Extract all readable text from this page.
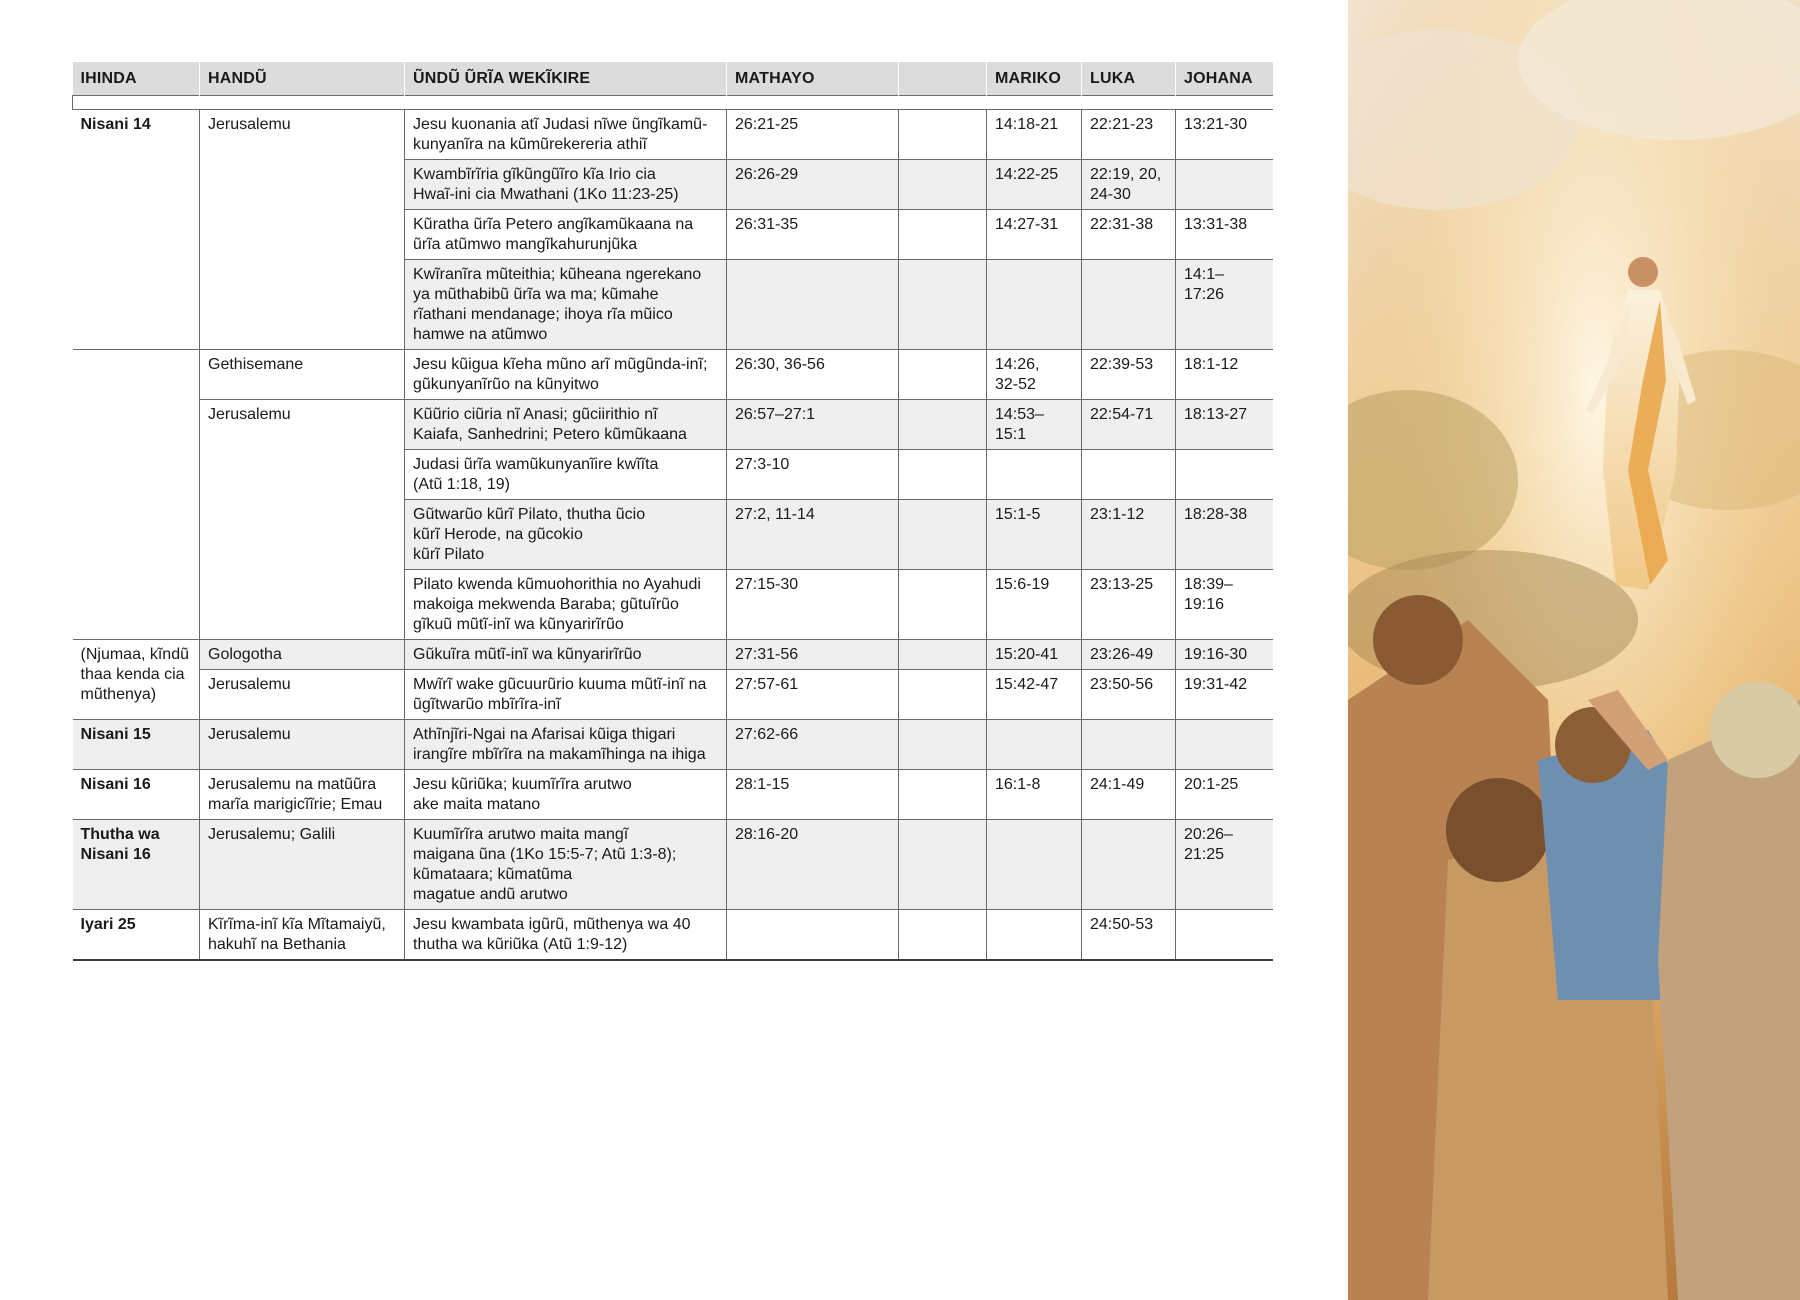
IHINDA	HANDŨ	ŨNDŨ ŨRĨA WEKĨKIRE	MATHAYO		MARIKO	LUKA	JOHANA

Nisani 14	Jerusalemu	Jesu kuonania atĩ Judasi nĩwe ũngĩkamũ-
kunyanĩra na kũmũrekereria athiĩ	26:21-25		14:18-21	22:21-23	13:21-30
		Kwambĩrĩria gĩkũngũĩro kĩa Irio cia
Hwaĩ-ini cia Mwathani (1Ko 11:23-25)	26:26-29		14:22-25	22:19, 20,
24-30	
		Kũratha ũrĩa Petero angĩkamũkaana na
ũrĩa atũmwo mangĩkahurunjũka	26:31-35		14:27-31	22:31-38	13:31-38
		Kwĩranĩra mũteithia; kũheana ngerekano
ya mũthabibũ ũrĩa wa ma; kũmahe
rĩathani mendanage; ihoya rĩa mũico
hamwe na atũmwo					14:1–
17:26
	Gethisemane	Jesu kũigua kĩeha mũno arĩ mũgũnda-inĩ;
gũkunyanĩrũo na kũnyitwo	26:30, 36-56		14:26,
32-52	22:39-53	18:1-12
	Jerusalemu	Kũũrio ciũria nĩ Anasi; gũciirithio nĩ
Kaiafa, Sanhedrini; Petero kũmũkaana	26:57–27:1		14:53–15:1	22:54-71	18:13-27
		Judasi ũrĩa wamũkunyanĩire kwĩĩta
(Atũ 1:18, 19)	27:3-10				
		Gũtwarũo kũrĩ Pilato, thutha ũcio
kũrĩ Herode, na gũcokio
kũrĩ Pilato	27:2, 11-14		15:1-5	23:1-12	18:28-38
		Pilato kwenda kũmuohorithia no Ayahudi
makoiga mekwenda Baraba; gũtuĩrũo
gĩkuũ mũtĩ-inĩ wa kũnyarirĩrũo	27:15-30		15:6-19	23:13-25	18:39–
19:16
(Njumaa, kĩndũ
thaa kenda cia
mũthenya)	Gologotha	Gũkuĩra mũtĩ-inĩ wa kũnyarirĩrũo	27:31-56		15:20-41	23:26-49	19:16-30
	Jerusalemu	Mwĩrĩ wake gũcuurũrio kuuma mũtĩ-inĩ na
ũgĩtwarũo mbĩrĩra-inĩ	27:57-61		15:42-47	23:50-56	19:31-42
Nisani 15	Jerusalemu	Athĩnjĩri-Ngai na Afarisai kũiga thigari
irangĩre mbĩrĩra na makamĩhinga na ihiga	27:62-66				
Nisani 16	Jerusalemu na matũũra
marĩa marigicĩĩrie; Emau	Jesu kũriũka; kuumĩrĩra arutwo
ake maita matano	28:1-15		16:1-8	24:1-49	20:1-25
Thutha wa
Nisani 16	Jerusalemu; Galili	Kuumĩrĩra arutwo maita mangĩ
maigana ũna (1Ko 15:5-7; Atũ 1:3-8);
kũmataara; kũmatũma
magatue andũ arutwo	28:16-20				20:26–
21:25
Iyari 25	Kĩrĩma-inĩ kĩa Mĩtamaiyũ,
hakuhĩ na Bethania	Jesu kwambata igũrũ, mũthenya wa 40
thutha wa kũriũka (Atũ 1:9-12)				24:50-53	
